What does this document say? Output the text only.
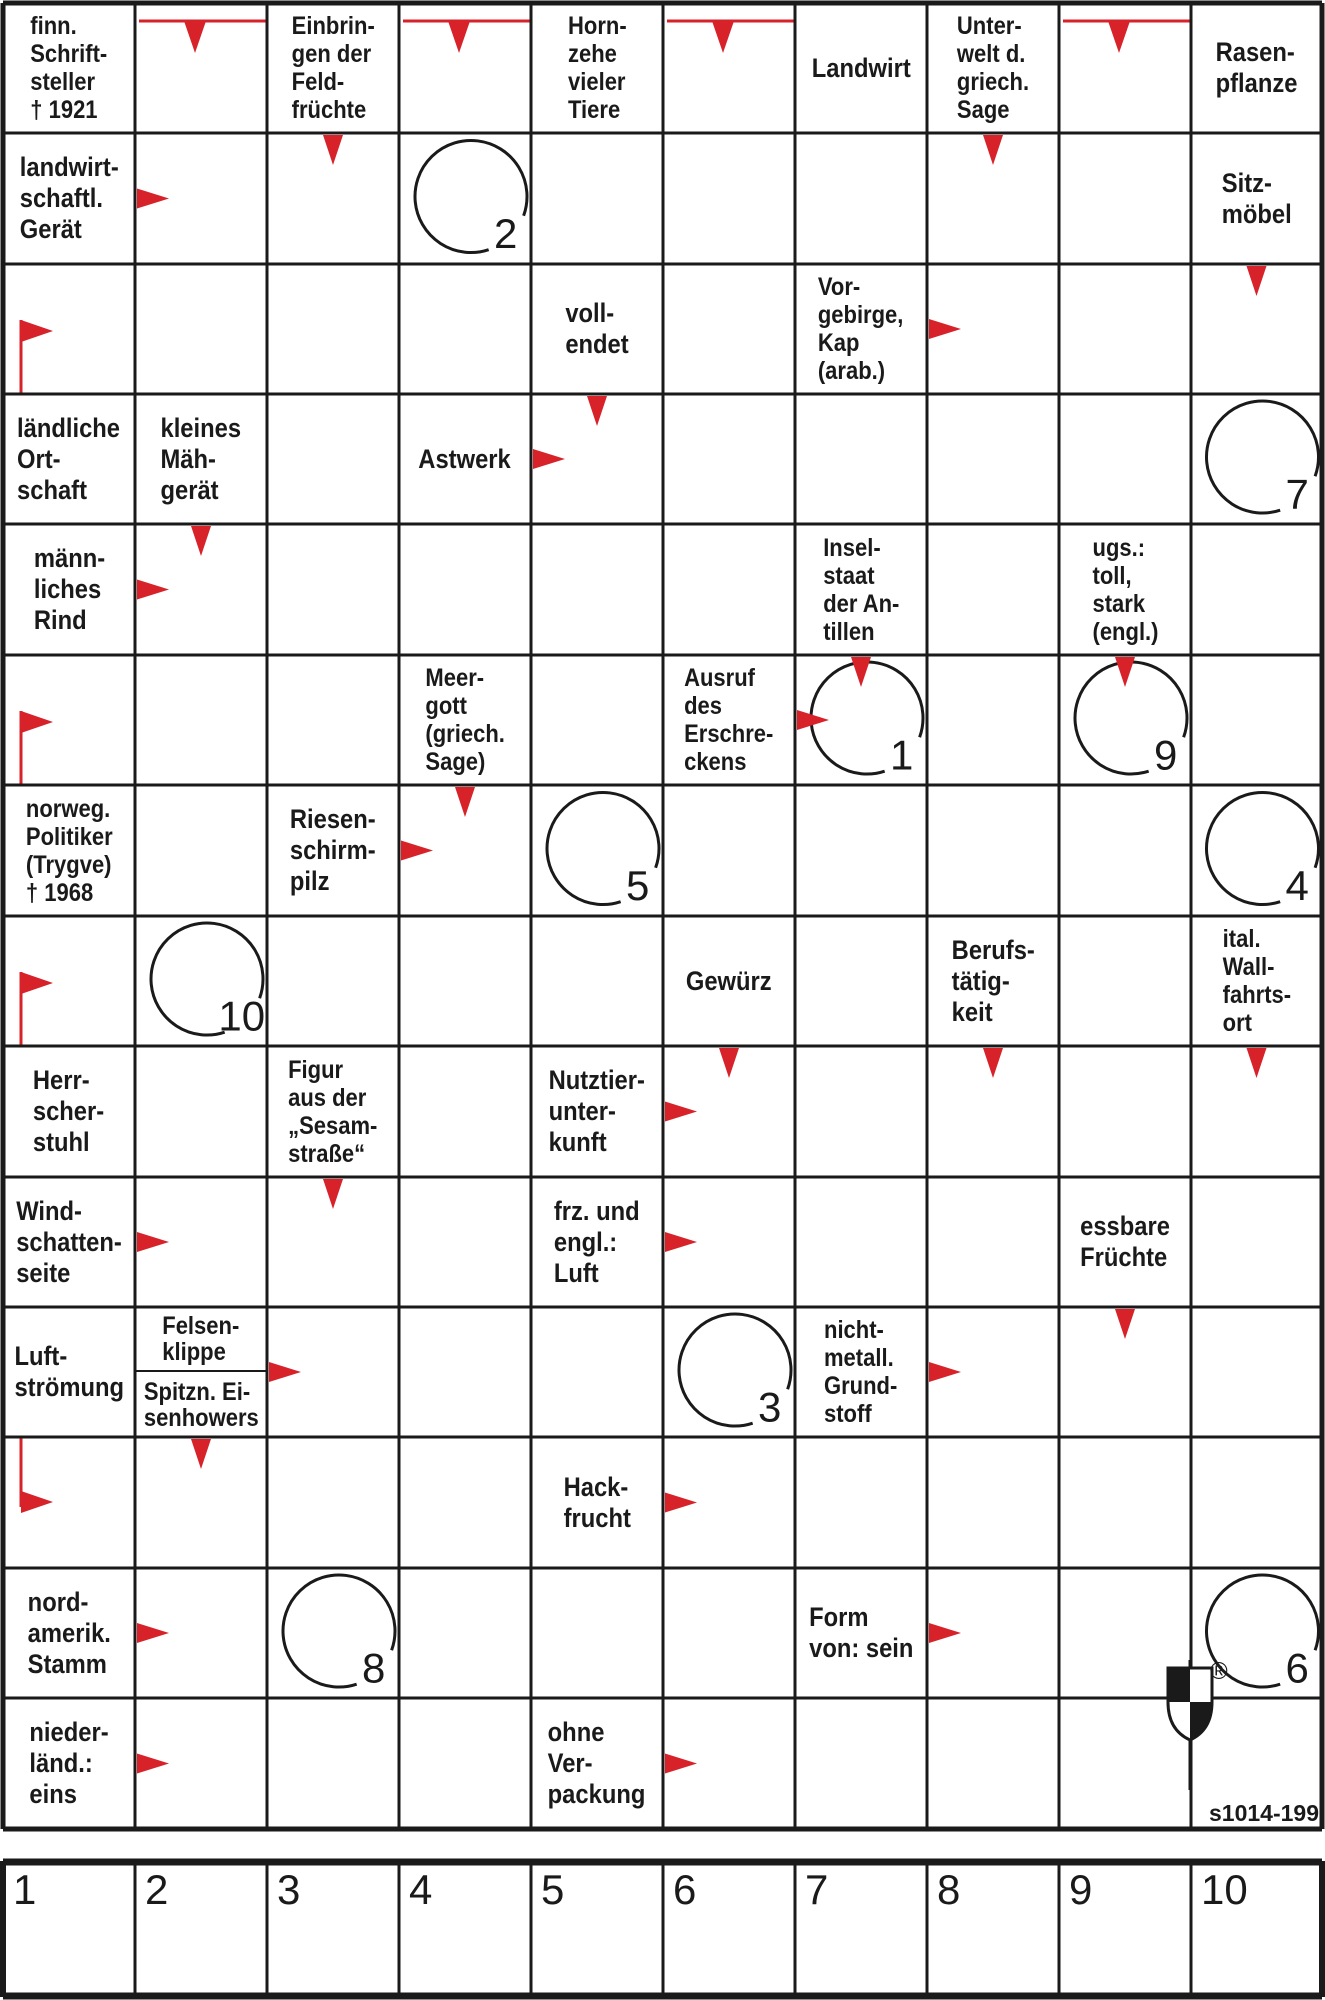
finn.
Schrift-
steller
† 1921
Einbrin-
gen der
Feld-
früchte
Horn-
zehe
vieler
Tiere
Landwirt
Unter-
welt d.
griech.
Sage
Rasen-
pflanze
landwirt-
schaftl.
Gerät
Sitz-
möbel
voll-
endet
Vor-
gebirge,
Kap
(arab.)
ländliche
Ort-
schaft
kleines
Mäh-
gerät
Astwerk
männ-
liches
Rind
Insel-
staat
der An-
tillen
ugs.:
toll,
stark
(engl.)
Meer-
gott
(griech.
Sage)
Ausruf
des
Erschre-
ckens
norweg.
Politiker
(Trygve)
† 1968
Riesen-
schirm-
pilz
Gewürz
Berufs-
tätig-
keit
ital.
Wall-
fahrts-
ort
Herr-
scher-
stuhl
Figur
aus der
„Sesam-
straße“
Nutztier-
unter-
kunft
Wind-
schatten-
seite
frz. und
engl.:
Luft
essbare
Früchte
Luft-
strömung
nicht-
metall.
Grund-
stoff
Hack-
frucht
nord-
amerik.
Stamm
Form
von: sein
nieder-
länd.:
eins
ohne
Ver-
packung
Felsen-
klippe
Spitzn. Ei-
senhowers
1
2
3
4
5
6
7
8
9
10
s1014-199
®
1	2	3	4	5	6	7	8	9	10
